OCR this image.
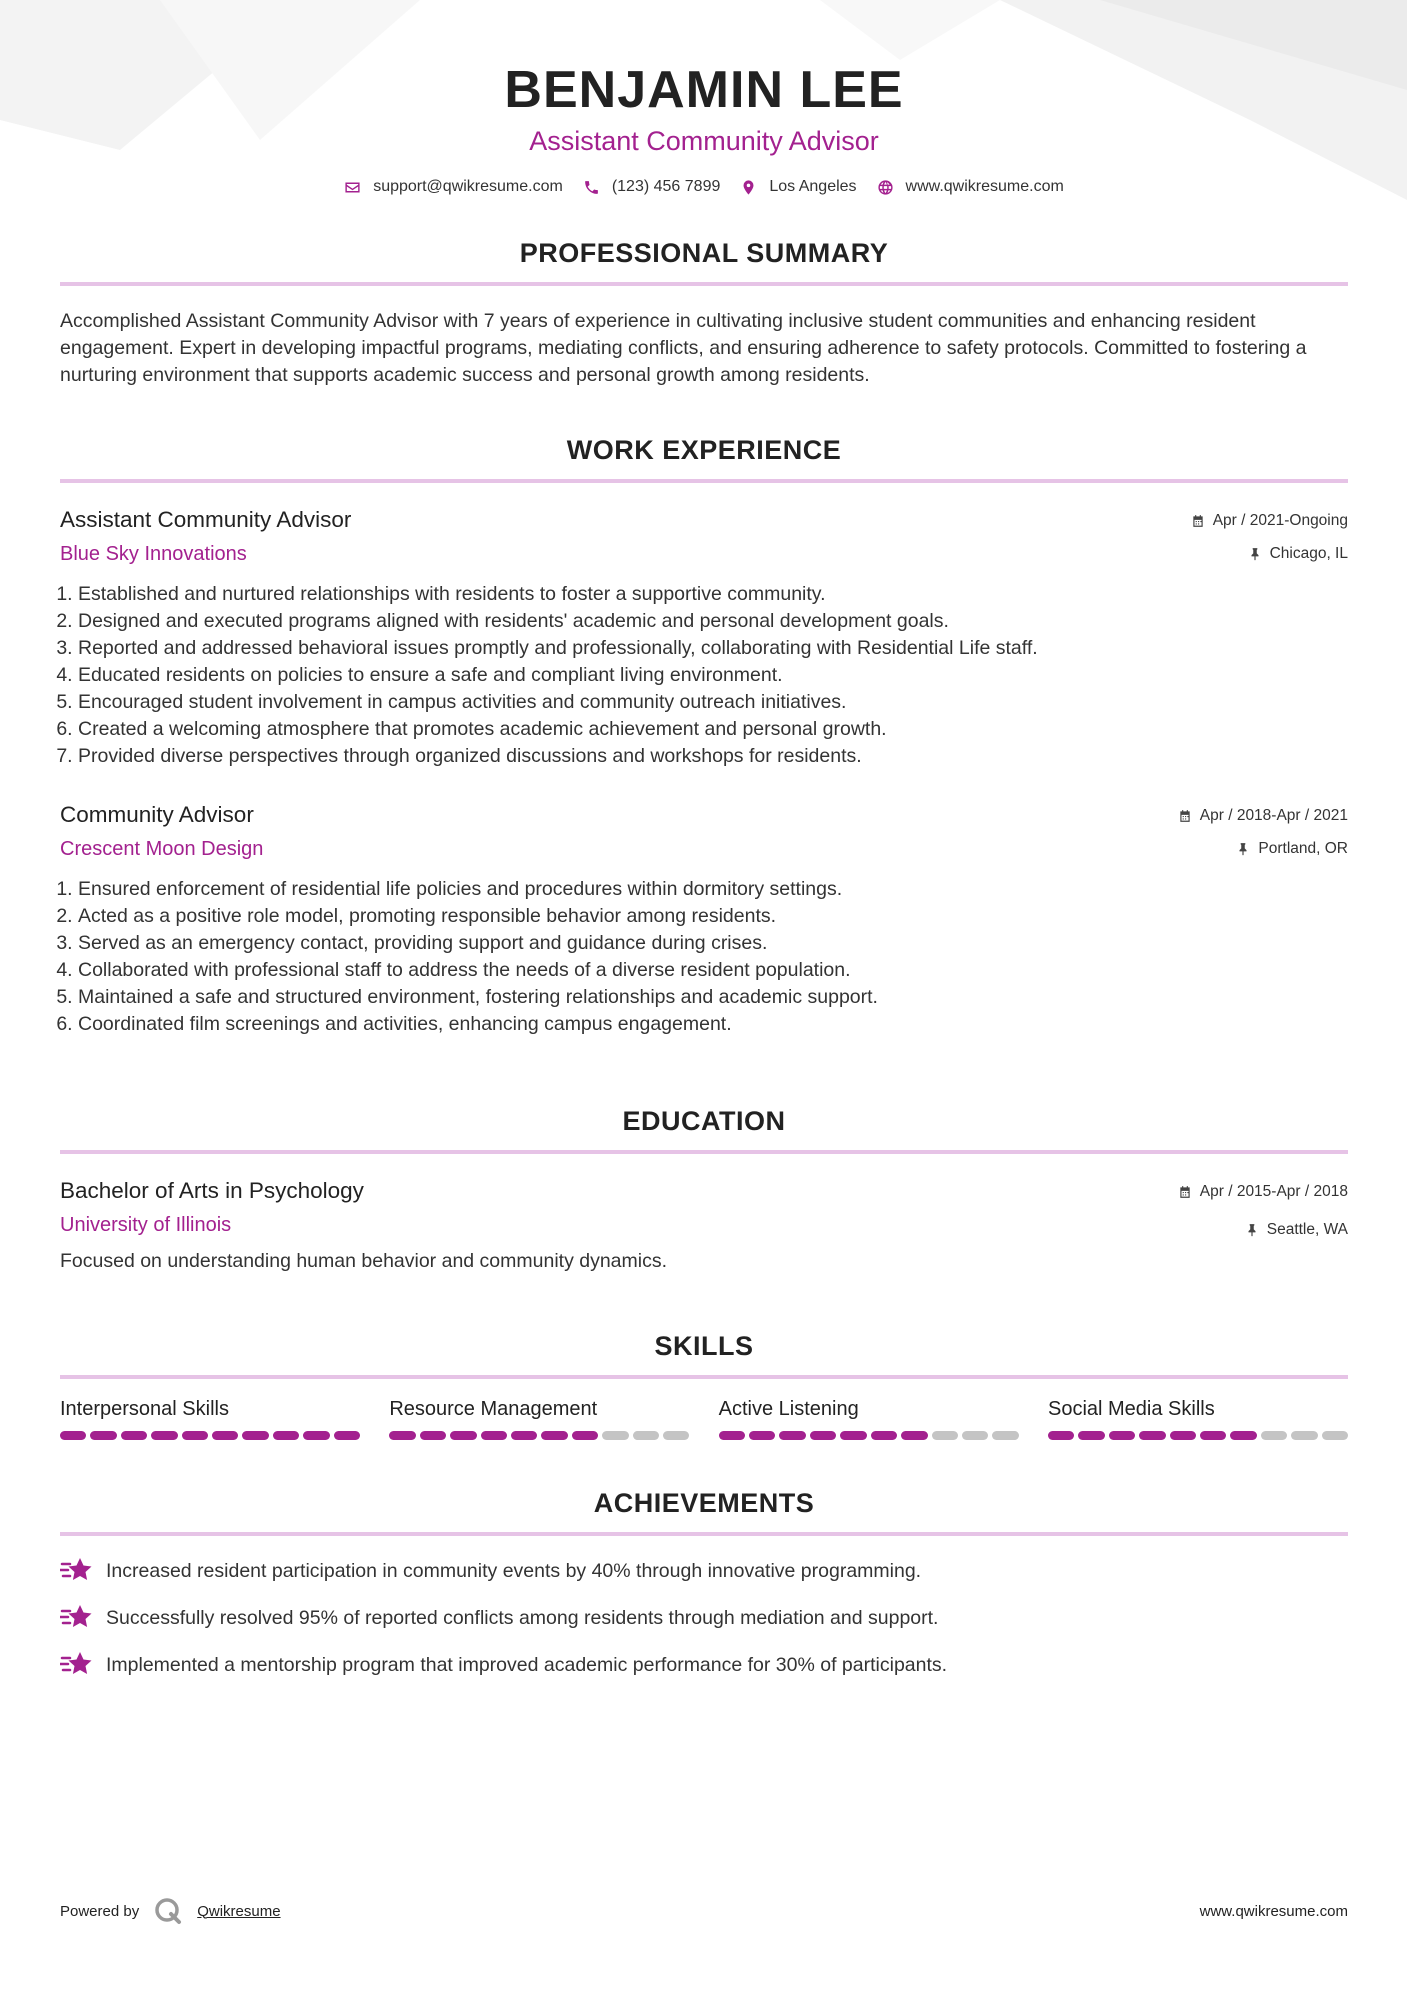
BENJAMIN LEE
Assistant Community Advisor
support@qwikresume.com	(123) 456 7899	Los Angeles	www.qwikresume.com
PROFESSIONAL SUMMARY
Accomplished Assistant Community Advisor with 7 years of experience in cultivating inclusive student communities and enhancing resident engagement. Expert in developing impactful programs, mediating conflicts, and ensuring adherence to safety protocols. Committed to fostering a nurturing environment that supports academic success and personal growth among residents.
WORK EXPERIENCE
Assistant Community Advisor
Blue Sky Innovations
Apr / 2021-Ongoing
Chicago, IL
1. Established and nurtured relationships with residents to foster a supportive community.
2. Designed and executed programs aligned with residents' academic and personal development goals.
3. Reported and addressed behavioral issues promptly and professionally, collaborating with Residential Life staff.
4. Educated residents on policies to ensure a safe and compliant living environment.
5. Encouraged student involvement in campus activities and community outreach initiatives.
6. Created a welcoming atmosphere that promotes academic achievement and personal growth.
7. Provided diverse perspectives through organized discussions and workshops for residents.
Community Advisor
Crescent Moon Design
Apr / 2018-Apr / 2021
Portland, OR
1. Ensured enforcement of residential life policies and procedures within dormitory settings.
2. Acted as a positive role model, promoting responsible behavior among residents.
3. Served as an emergency contact, providing support and guidance during crises.
4. Collaborated with professional staff to address the needs of a diverse resident population.
5. Maintained a safe and structured environment, fostering relationships and academic support.
6. Coordinated film screenings and activities, enhancing campus engagement.
EDUCATION
Bachelor of Arts in Psychology
University of Illinois
Apr / 2015-Apr / 2018
Seattle, WA
Focused on understanding human behavior and community dynamics.
SKILLS
Interpersonal Skills	Resource Management	Active Listening	Social Media Skills
ACHIEVEMENTS
Increased resident participation in community events by 40% through innovative programming.
Successfully resolved 95% of reported conflicts among residents through mediation and support.
Implemented a mentorship program that improved academic performance for 30% of participants.
Powered by	Qwikresume	www.qwikresume.com
